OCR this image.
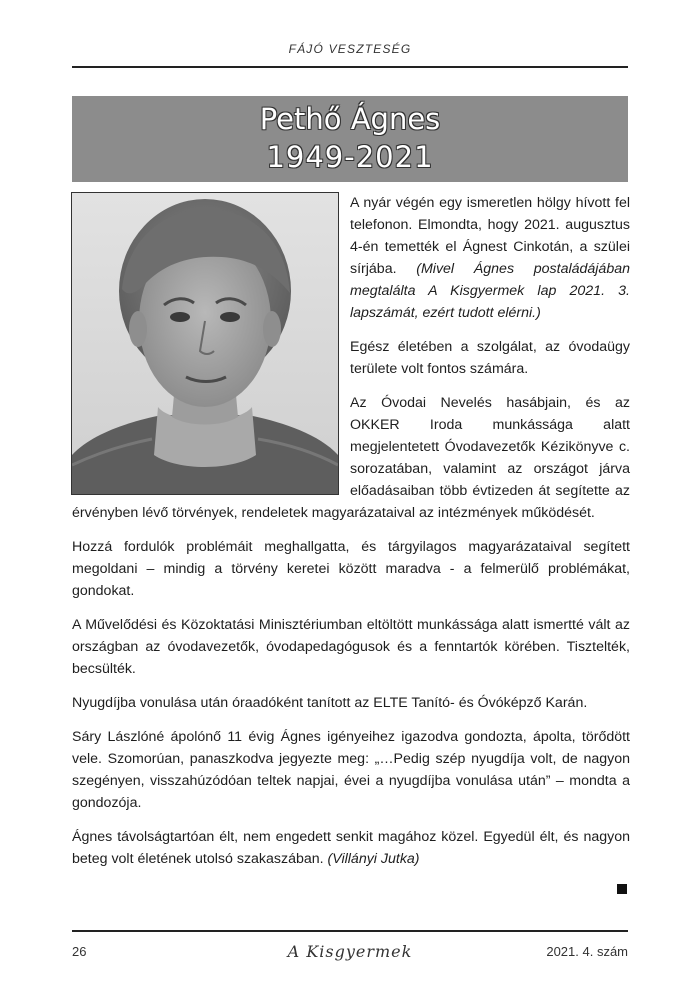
FÁJÓ VESZTESÉG
Pethő Ágnes
1949-2021

A nyár végén egy ismeretlen hölgy hívott fel telefonon. Elmondta, hogy 2021. augusztus 4-én temették el Ágnest Cinkotán, a szülei sírjába. (Mivel Ágnes postaládájában megtalálta A Kisgyermek lap 2021. 3. lapszámát, ezért tudott elérni.)

Egész életében a szolgálat, az óvodaügy területe volt fontos számára.

Az Óvodai Nevelés hasábjain, és az OKKER Iroda munkássága alatt megjelentetett Óvodavezetők Kézikönyve c. sorozatában, valamint az országot járva előadásaiban több évtizeden át segítette az érvényben lévő törvények, rendeletek magyarázataival az intézmények működését.

Hozzá fordulók problémáit meghallgatta, és tárgyilagos magyarázataival segített megoldani – mindig a törvény keretei között maradva - a felmerülő problémákat, gondokat.

A Művelődési és Közoktatási Minisztériumban eltöltött munkássága alatt ismertté vált az országban az óvodavezetők, óvodapedagógusok és a fenntartók körében. Tisztelték, becsülték.

Nyugdíjba vonulása után óraadóként tanított az ELTE Tanító- és Óvóképző Karán.

Sáry Lászlóné ápolónő 11 évig Ágnes igényeihez igazodva gondozta, ápolta, törődött vele. Szomorúan, panaszkodva jegyezte meg: „…Pedig szép nyugdíja volt, de nagyon szegényen, visszahúzódóan teltek napjai, évei a nyugdíjba vonulása után” – mondta a gondozója.

Ágnes távolságtartóan élt, nem engedett senkit magához közel. Egyedül élt, és nagyon beteg volt életének utolsó szakaszában. (Villányi Jutka)

26	A Kisgyermek	2021. 4. szám
